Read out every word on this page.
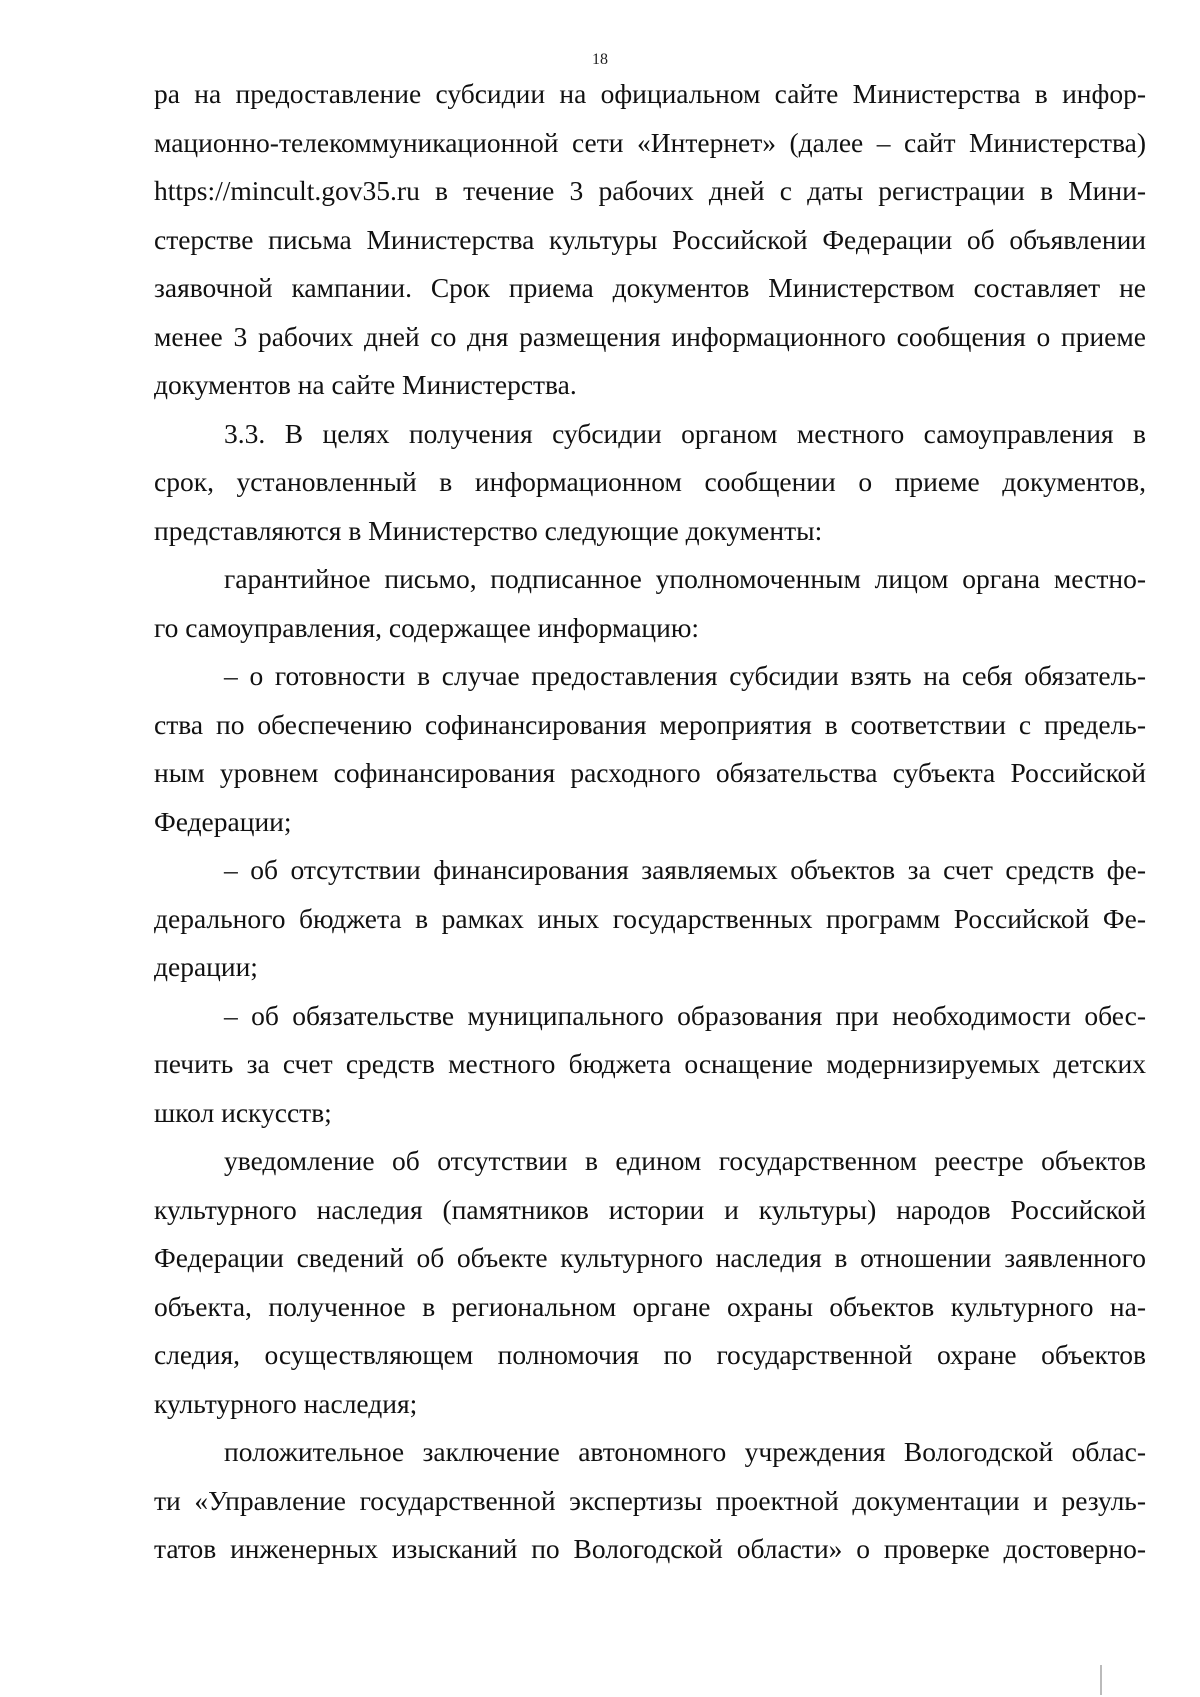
18
ра на предоставление субсидии на официальном сайте Министерства в инфор-
мационно-телекоммуникационной сети «Интернет» (далее – сайт Министерства)
https://mincult.gov35.ru в течение 3 рабочих дней с даты регистрации в Мини-
стерстве письма Министерства культуры Российской Федерации об объявлении
заявочной кампании. Срок приема документов Министерством составляет не
менее 3 рабочих дней со дня размещения информационного сообщения о приеме
документов на сайте Министерства.
3.3. В целях получения субсидии органом местного самоуправления в
срок, установленный в информационном сообщении о приеме документов,
представляются в Министерство следующие документы:
гарантийное письмо, подписанное уполномоченным лицом органа местно-
го самоуправления, содержащее информацию:
– о готовности в случае предоставления субсидии взять на себя обязатель-
ства по обеспечению софинансирования мероприятия в соответствии с предель-
ным уровнем софинансирования расходного обязательства субъекта Российской
Федерации;
– об отсутствии финансирования заявляемых объектов за счет средств фе-
дерального бюджета в рамках иных государственных программ Российской Фе-
дерации;
– об обязательстве муниципального образования при необходимости обес-
печить за счет средств местного бюджета оснащение модернизируемых детских
школ искусств;
уведомление об отсутствии в едином государственном реестре объектов
культурного наследия (памятников истории и культуры) народов Российской
Федерации сведений об объекте культурного наследия в отношении заявленного
объекта, полученное в региональном органе охраны объектов культурного на-
следия, осуществляющем полномочия по государственной охране объектов
культурного наследия;
положительное заключение автономного учреждения Вологодской облас-
ти «Управление государственной экспертизы проектной документации и резуль-
татов инженерных изысканий по Вологодской области» о проверке достоверно-
